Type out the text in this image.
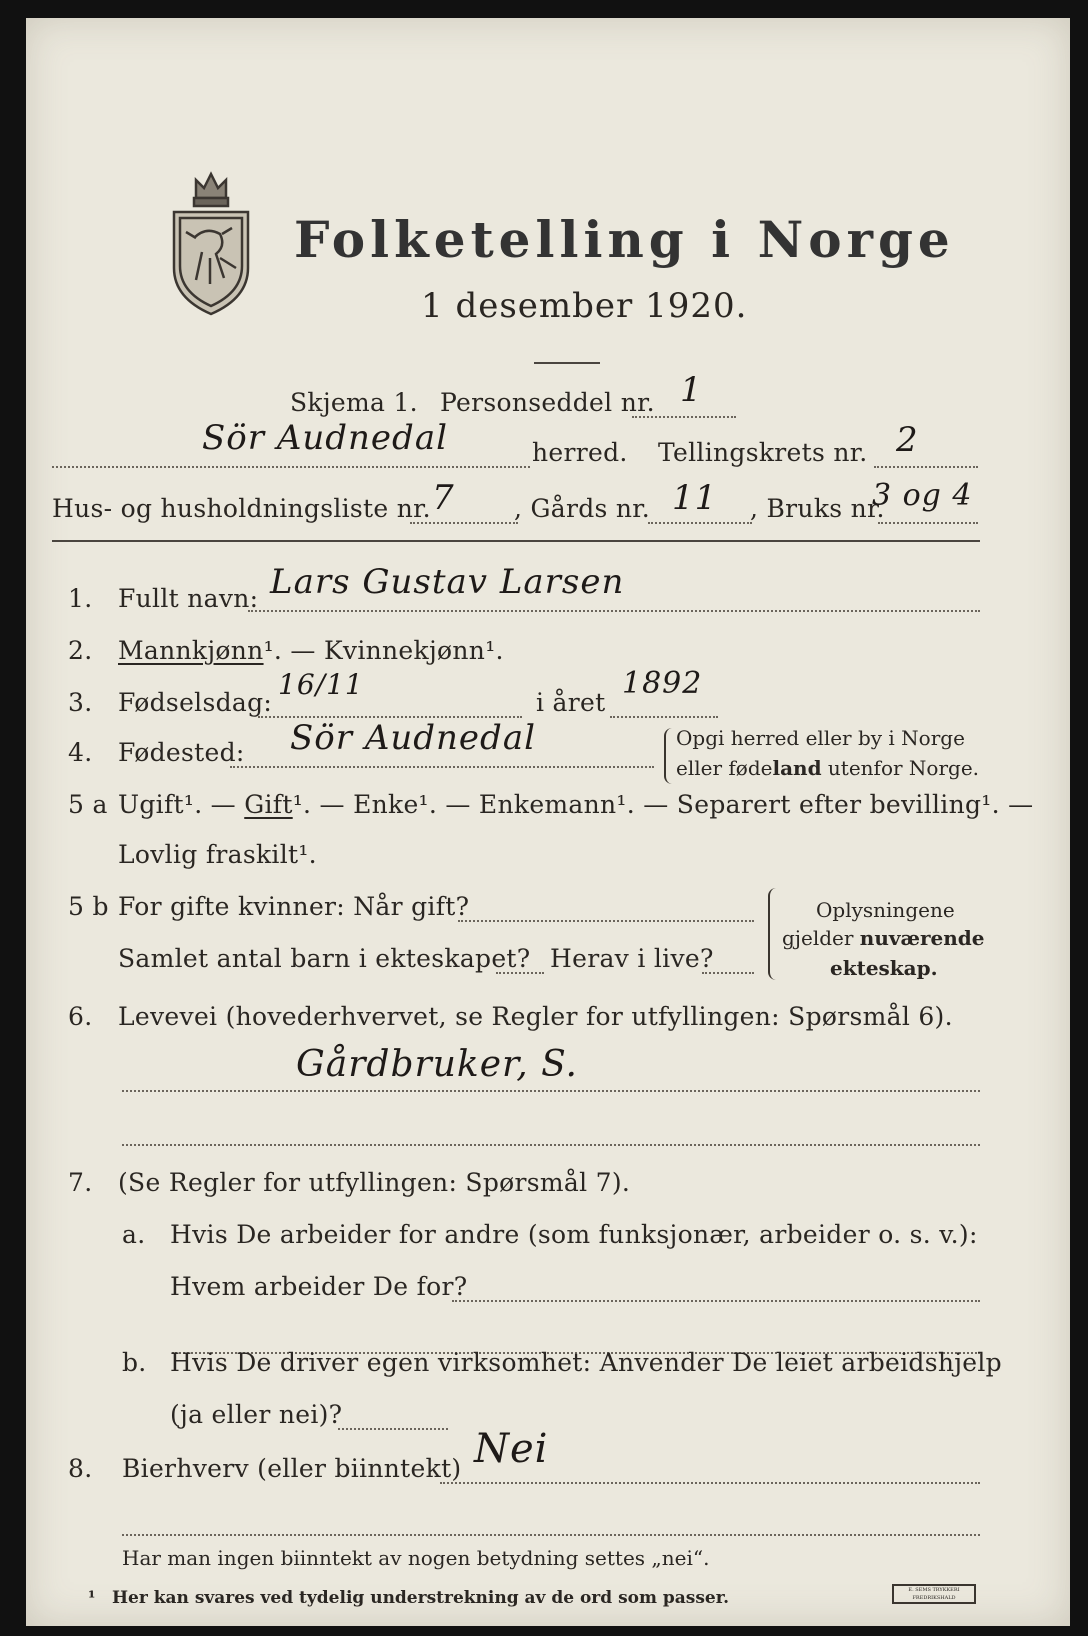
Folketelling i Norge
1 desember 1920.
Skjema 1. Personseddel nr. 1
Sör Audnedal	herred. Tellingskrets nr. 2
Hus- og husholdningsliste nr. 7 , Gårds nr. 11 , Bruks nr.
3 og 4
1. Fullt navn: Lars Gustav Larsen
2. Mannkjønn¹. — Kvinnekjønn¹.
3. Fødselsdag:
16/11
i året
1892
4. Fødested: Sör Audnedal	Opgi herred eller by i Norge
eller fødeland utenfor Norge.
5 a Ugift¹. — Gift¹. — Enke¹. — Enkemann¹. — Separert efter bevilling¹. —
Lovlig fraskilt¹.
5 b For gifte kvinner: Når gift?
Samlet antal barn i ekteskapet? Herav i live?
Oplysningene
gjelder nuværende
ekteskap.
6. Levevei (hovederhvervet, se Regler for utfyllingen: Spørsmål 6).
Gårdbruker, S.
7. (Se Regler for utfyllingen: Spørsmål 7).
a. Hvis De arbeider for andre (som funksjonær, arbeider o. s. v.):
Hvem arbeider De for?
b. Hvis De driver egen virksomhet: Anvender De leiet arbeidshjelp
(ja eller nei)?
8. Bierhverv (eller biinntekt) Nei
Har man ingen biinntekt av nogen betydning settes „nei“.
¹ Her kan svares ved tydelig understrekning av de ord som passer.	E. SEMS TRYKKERI FREDRIKSHALD
